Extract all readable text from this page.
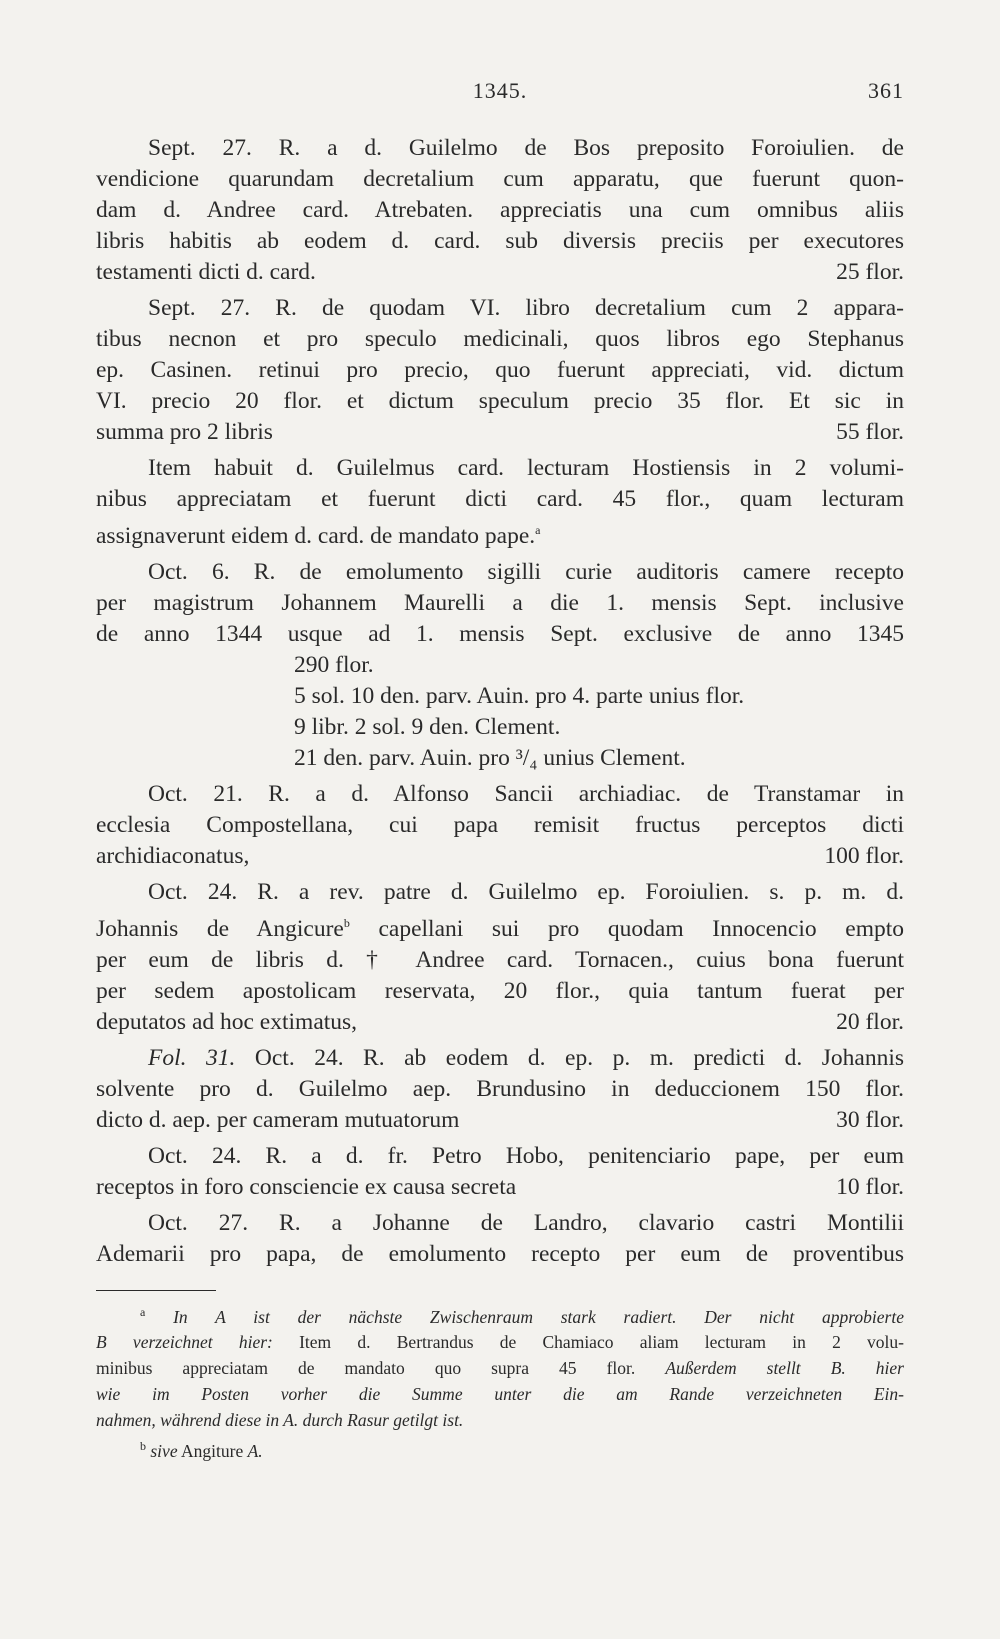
1345.	361
Sept. 27. R. a d. Guilelmo de Bos preposito Foroiulien. de
vendicione quarundam decretalium cum apparatu, que fuerunt quon-
dam d. Andree card. Atrebaten. appreciatis una cum omnibus aliis
libris habitis ab eodem d. card. sub diversis preciis per executores
testamenti dicti d. card.	25 flor.
Sept. 27. R. de quodam VI. libro decretalium cum 2 appara-
tibus necnon et pro speculo medicinali, quos libros ego Stephanus
ep. Casinen. retinui pro precio, quo fuerunt appreciati, vid. dictum
VI. precio 20 flor. et dictum speculum precio 35 flor. Et sic in
summa pro 2 libris	55 flor.
Item habuit d. Guilelmus card. lecturam Hostiensis in 2 volumi-
nibus appreciatam et fuerunt dicti card. 45 flor., quam lecturam
assignaverunt eidem d. card. de mandato pape.$^a$
Oct. 6. R. de emolumento sigilli curie auditoris camere recepto
per magistrum Johannem Maurelli a die 1. mensis Sept. inclusive
de anno 1344 usque ad 1. mensis Sept. exclusive de anno 1345
290 flor.
5 sol. 10 den. parv. Auin. pro 4. parte unius flor.
9 libr. 2 sol. 9 den. Clement.
21 den. parv. Auin. pro ³/₄ unius Clement.
Oct. 21. R. a d. Alfonso Sancii archiadiac. de Transtamar in
ecclesia Compostellana, cui papa remisit fructus perceptos dicti
archidiaconatus,	100 flor.
Oct. 24. R. a rev. patre d. Guilelmo ep. Foroiulien. s. p. m. d.
Johannis de Angicure$^b$ capellani sui pro quodam Innocencio empto
per eum de libris d. † Andree card. Tornacen., cuius bona fuerunt
per sedem apostolicam reservata, 20 flor., quia tantum fuerat per
deputatos ad hoc extimatus,	20 flor.
Fol. 31. Oct. 24. R. ab eodem d. ep. p. m. predicti d. Johannis
solvente pro d. Guilelmo aep. Brundusino in deduccionem 150 flor.
dicto d. aep. per cameram mutuatorum	30 flor.
Oct. 24. R. a d. fr. Petro Hobo, penitenciario pape, per eum
receptos in foro consciencie ex causa secreta	10 flor.
Oct. 27. R. a Johanne de Landro, clavario castri Montilii
Ademarii pro papa, de emolumento recepto per eum de proventibus
$^a$ In A ist der nächste Zwischenraum stark radiert. Der nicht approbierte
B verzeichnet hier: Item d. Bertrandus de Chamiaco aliam lecturam in 2 volu-
minibus appreciatam de mandato quo supra 45 flor. Außerdem stellt B. hier
wie im Posten vorher die Summe unter die am Rande verzeichneten Ein-
nahmen, während diese in A. durch Rasur getilgt ist.
$^b$ sive Angiture A.
